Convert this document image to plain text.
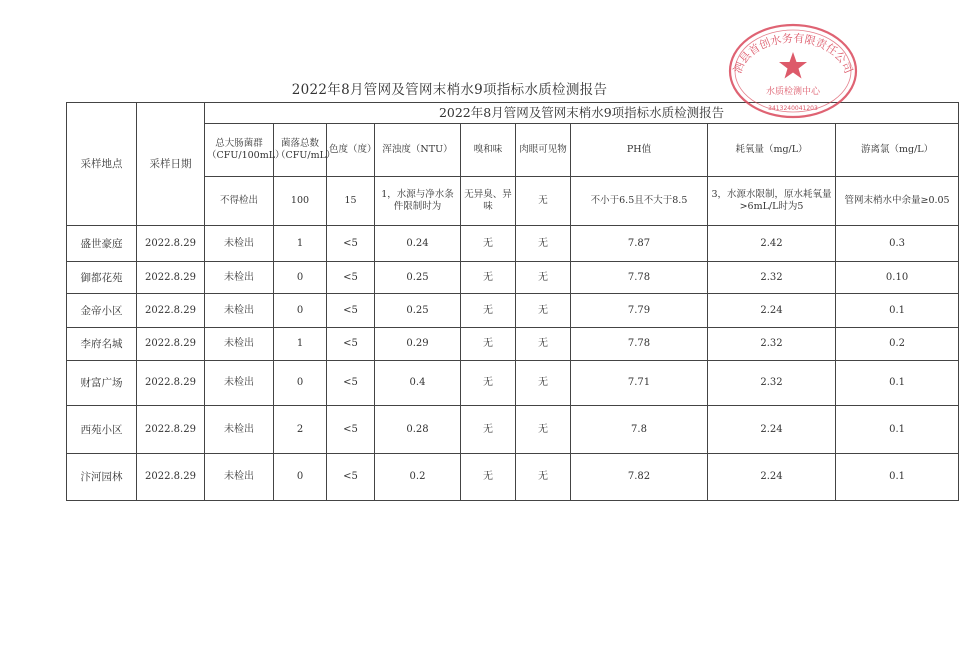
2022年8月管网及管网末梢水9项指标水质检测报告
采样地点	采样日期	2022年8月管网及管网末梢水9项指标水质检测报告								
		总大肠菌群（CFU/100mL）	菌落总数（CFU/mL）	色度（度）	浑浊度（NTU）	嗅和味	肉眼可见物	PH值	耗氧量（mg/L）	游离氯（mg/L）
		不得检出	100	15	1，水源与净水条件限制时为	无异臭、异味	无	不小于6.5且不大于8.5	3，水源水限制，原水耗氧量>6mL/L时为5	管网末梢水中余量≥0.05
盛世豪庭	2022.8.29	未检出	1	<5	0.24	无	无	7.87	2.42	0.3
御都花苑	2022.8.29	未检出	0	<5	0.25	无	无	7.78	2.32	0.10
金帝小区	2022.8.29	未检出	0	<5	0.25	无	无	7.79	2.24	0.1
李府名城	2022.8.29	未检出	1	<5	0.29	无	无	7.78	2.32	0.2
财富广场	2022.8.29	未检出	0	<5	0.4	无	无	7.71	2.32	0.1
西苑小区	2022.8.29	未检出	2	<5	0.28	无	无	7.8	2.24	0.1
汴河园林	2022.8.29	未检出	0	<5	0.2	无	无	7.82	2.24	0.1
泗县首创水务有限责任公司
水质检测中心
3413240041203
